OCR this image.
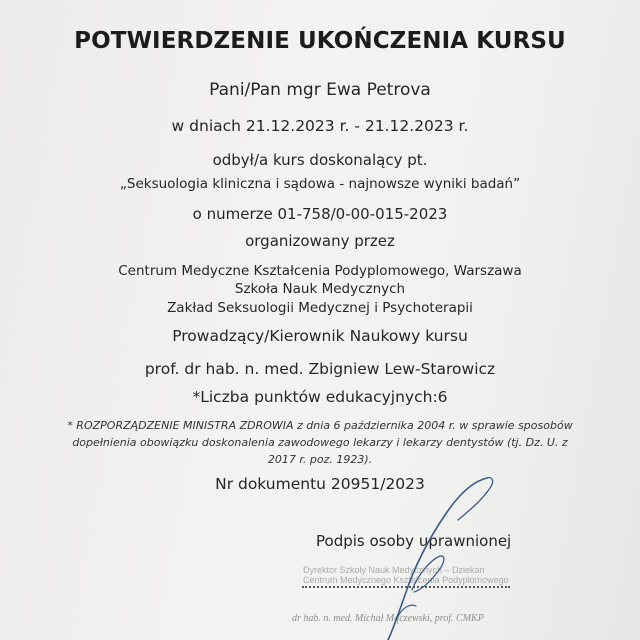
POTWIERDZENIE UKOŃCZENIA KURSU
Pani/Pan mgr Ewa Petrova
w dniach 21.12.2023 r. - 21.12.2023 r.
odbył/a kurs doskonalący pt.
„Seksuologia kliniczna i sądowa - najnowsze wyniki badań”
o numerze 01-758/0-00-015-2023
organizowany przez
Centrum Medyczne Kształcenia Podyplomowego, Warszawa
Szkoła Nauk Medycznych
Zakład Seksuologii Medycznej i Psychoterapii
Prowadzący/Kierownik Naukowy kursu
prof. dr hab. n. med. Zbigniew Lew-Starowicz
*Liczba punktów edukacyjnych:6
* ROZPORZĄDZENIE MINISTRA ZDROWIA z dnia 6 października 2004 r. w sprawie sposobów dopełnienia obowiązku doskonalenia zawodowego lekarzy i lekarzy dentystów (tj. Dz. U. z 2017 r. poz. 1923).
Nr dokumentu 20951/2023
Podpis osoby uprawnionej
Dyrektor Szkoły Nauk Medycznych – Dziekan
Centrum Medycznego Kształcenia Podyplomowego
dr hab. n. med. Michał Mączewski, prof. CMKP
